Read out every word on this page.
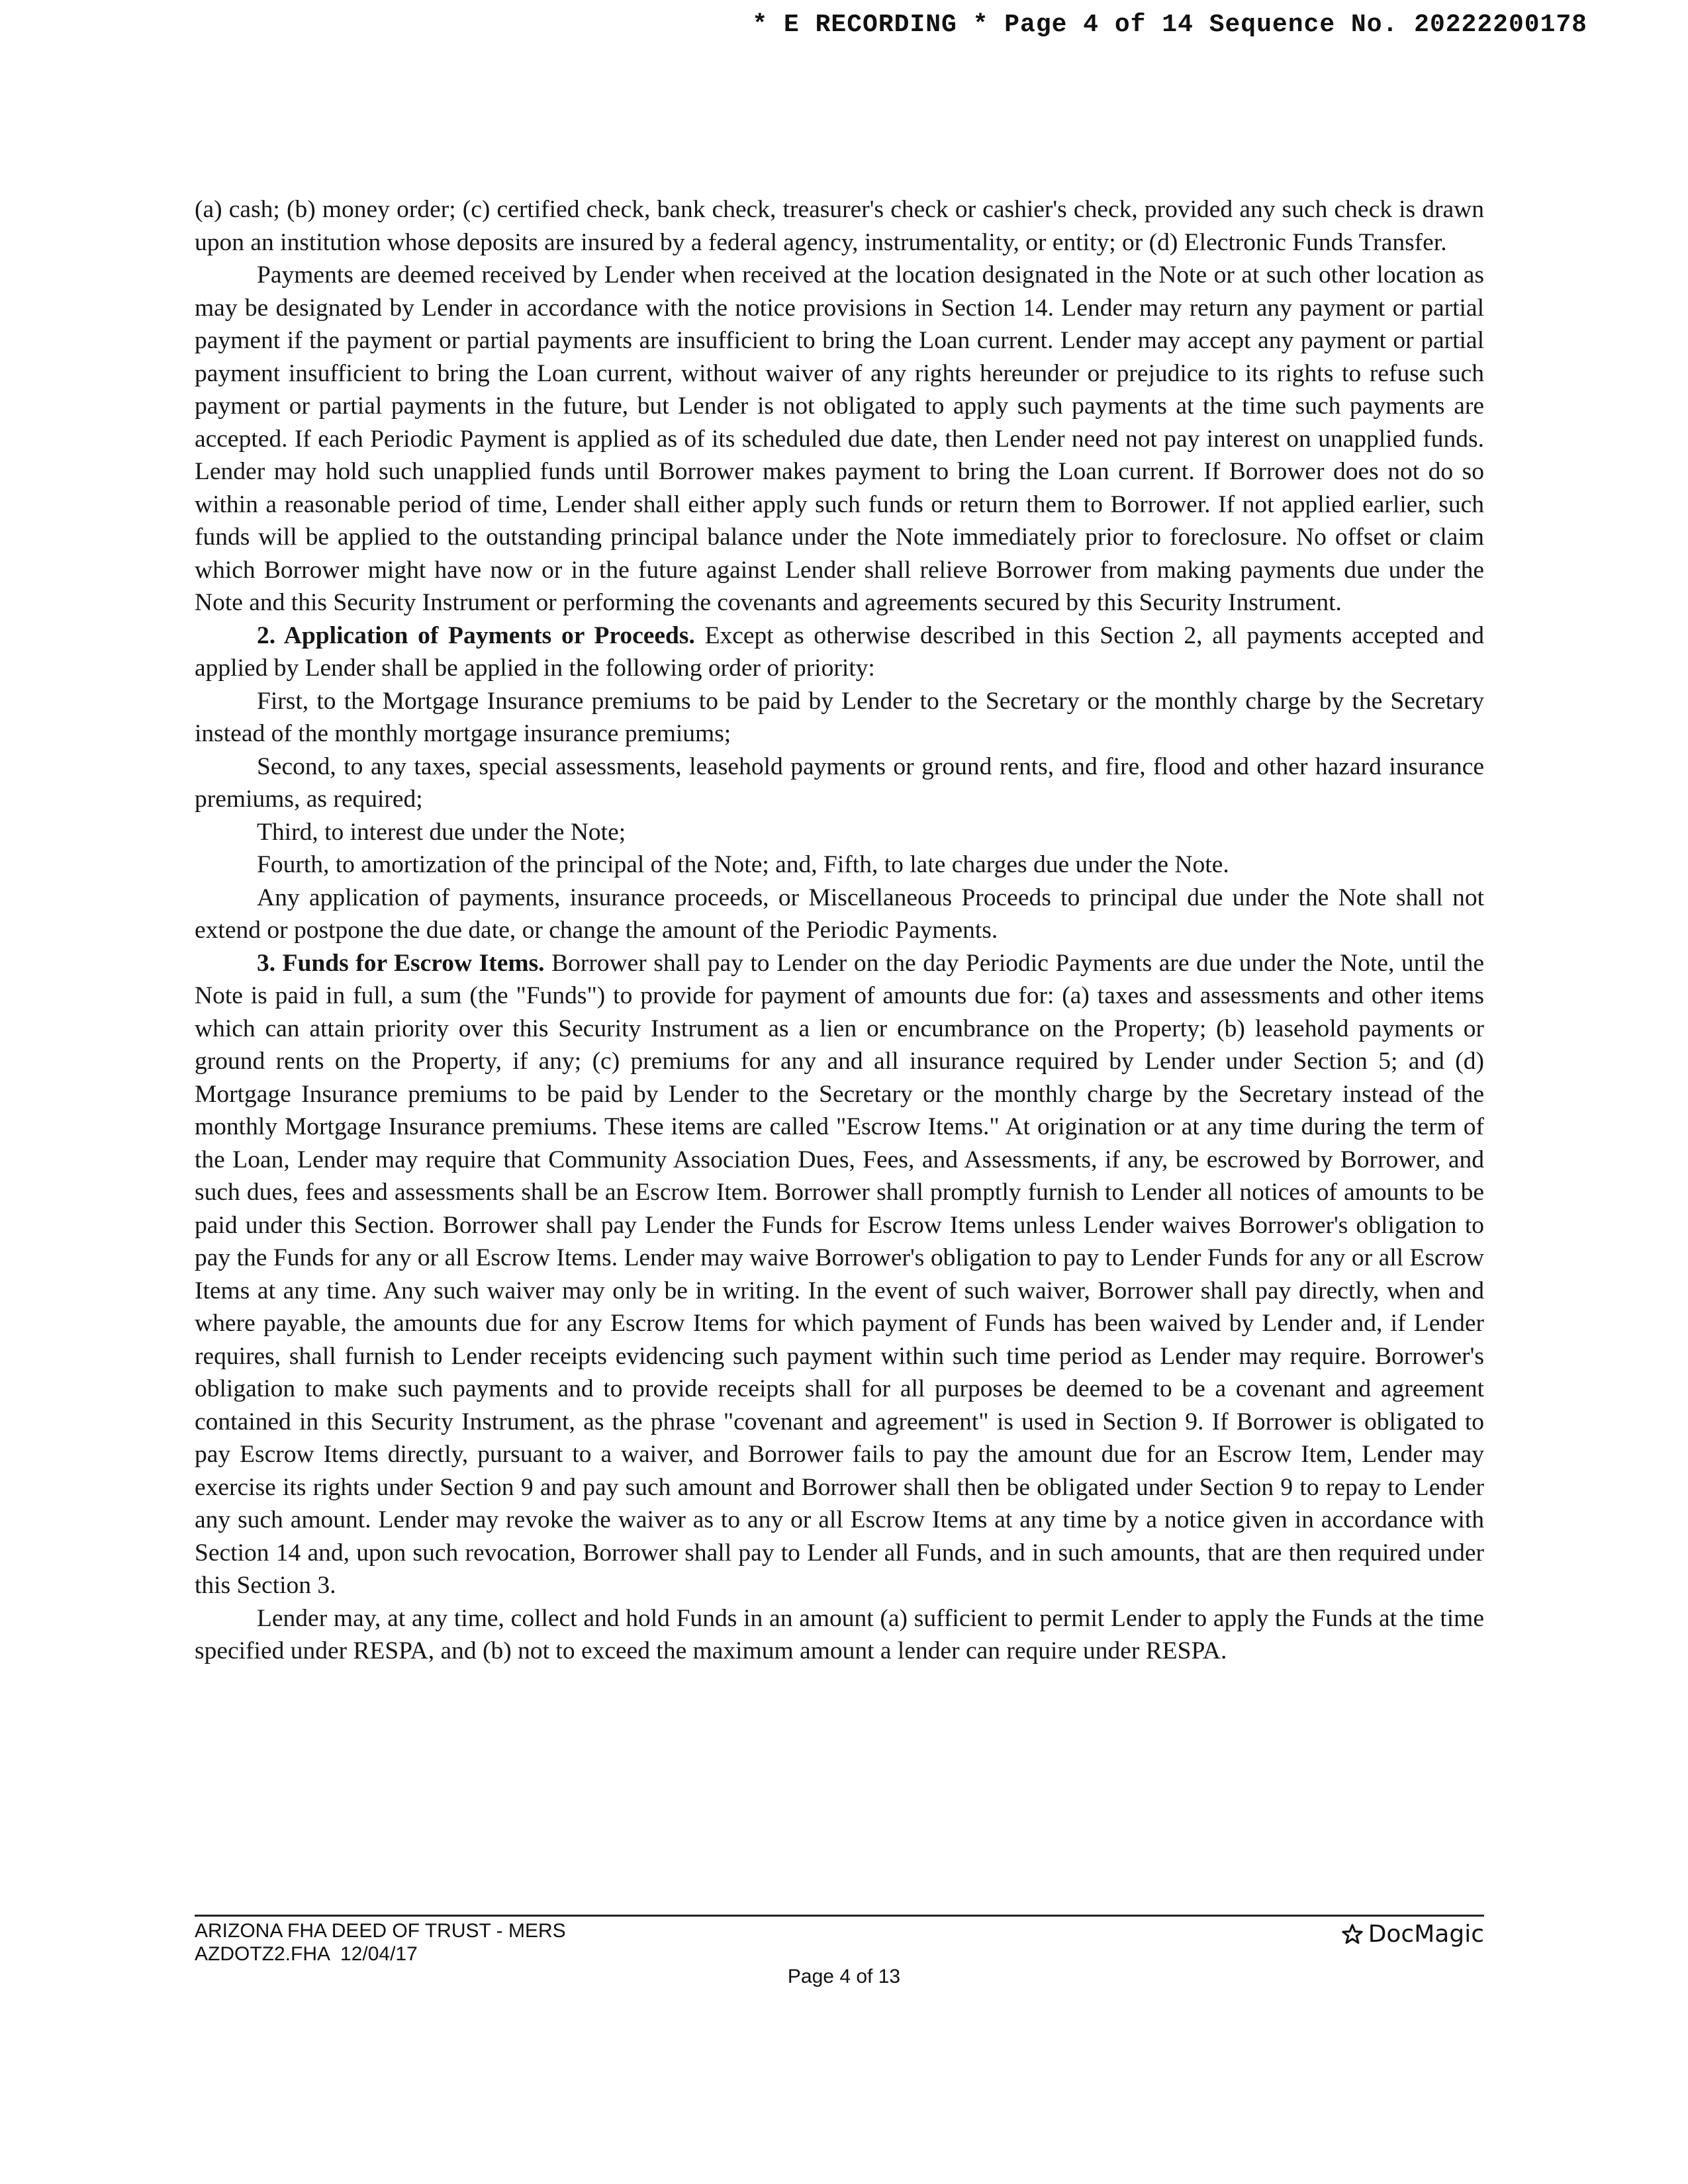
* E RECORDING * Page 4 of 14 Sequence No. 20222200178

(a) cash; (b) money order; (c) certified check, bank check, treasurer's check or cashier's check, provided any such check is drawn upon an institution whose deposits are insured by a federal agency, instrumentality, or entity; or (d) Electronic Funds Transfer.

Payments are deemed received by Lender when received at the location designated in the Note or at such other location as may be designated by Lender in accordance with the notice provisions in Section 14. Lender may return any payment or partial payment if the payment or partial payments are insufficient to bring the Loan current. Lender may accept any payment or partial payment insufficient to bring the Loan current, without waiver of any rights hereunder or prejudice to its rights to refuse such payment or partial payments in the future, but Lender is not obligated to apply such payments at the time such payments are accepted. If each Periodic Payment is applied as of its scheduled due date, then Lender need not pay interest on unapplied funds. Lender may hold such unapplied funds until Borrower makes payment to bring the Loan current. If Borrower does not do so within a reasonable period of time, Lender shall either apply such funds or return them to Borrower. If not applied earlier, such funds will be applied to the outstanding principal balance under the Note immediately prior to foreclosure. No offset or claim which Borrower might have now or in the future against Lender shall relieve Borrower from making payments due under the Note and this Security Instrument or performing the covenants and agreements secured by this Security Instrument.

2. Application of Payments or Proceeds. Except as otherwise described in this Section 2, all payments accepted and applied by Lender shall be applied in the following order of priority:

First, to the Mortgage Insurance premiums to be paid by Lender to the Secretary or the monthly charge by the Secretary instead of the monthly mortgage insurance premiums;

Second, to any taxes, special assessments, leasehold payments or ground rents, and fire, flood and other hazard insurance premiums, as required;

Third, to interest due under the Note;

Fourth, to amortization of the principal of the Note; and, Fifth, to late charges due under the Note.

Any application of payments, insurance proceeds, or Miscellaneous Proceeds to principal due under the Note shall not extend or postpone the due date, or change the amount of the Periodic Payments.

3. Funds for Escrow Items. Borrower shall pay to Lender on the day Periodic Payments are due under the Note, until the Note is paid in full, a sum (the "Funds") to provide for payment of amounts due for: (a) taxes and assessments and other items which can attain priority over this Security Instrument as a lien or encumbrance on the Property; (b) leasehold payments or ground rents on the Property, if any; (c) premiums for any and all insurance required by Lender under Section 5; and (d) Mortgage Insurance premiums to be paid by Lender to the Secretary or the monthly charge by the Secretary instead of the monthly Mortgage Insurance premiums. These items are called "Escrow Items." At origination or at any time during the term of the Loan, Lender may require that Community Association Dues, Fees, and Assessments, if any, be escrowed by Borrower, and such dues, fees and assessments shall be an Escrow Item. Borrower shall promptly furnish to Lender all notices of amounts to be paid under this Section. Borrower shall pay Lender the Funds for Escrow Items unless Lender waives Borrower's obligation to pay the Funds for any or all Escrow Items. Lender may waive Borrower's obligation to pay to Lender Funds for any or all Escrow Items at any time. Any such waiver may only be in writing. In the event of such waiver, Borrower shall pay directly, when and where payable, the amounts due for any Escrow Items for which payment of Funds has been waived by Lender and, if Lender requires, shall furnish to Lender receipts evidencing such payment within such time period as Lender may require. Borrower's obligation to make such payments and to provide receipts shall for all purposes be deemed to be a covenant and agreement contained in this Security Instrument, as the phrase "covenant and agreement" is used in Section 9. If Borrower is obligated to pay Escrow Items directly, pursuant to a waiver, and Borrower fails to pay the amount due for an Escrow Item, Lender may exercise its rights under Section 9 and pay such amount and Borrower shall then be obligated under Section 9 to repay to Lender any such amount. Lender may revoke the waiver as to any or all Escrow Items at any time by a notice given in accordance with Section 14 and, upon such revocation, Borrower shall pay to Lender all Funds, and in such amounts, that are then required under this Section 3.

Lender may, at any time, collect and hold Funds in an amount (a) sufficient to permit Lender to apply the Funds at the time specified under RESPA, and (b) not to exceed the maximum amount a lender can require under RESPA.

ARIZONA FHA DEED OF TRUST - MERS
AZDOTZ2.FHA  12/04/17
DocMagic
Page 4 of 13
